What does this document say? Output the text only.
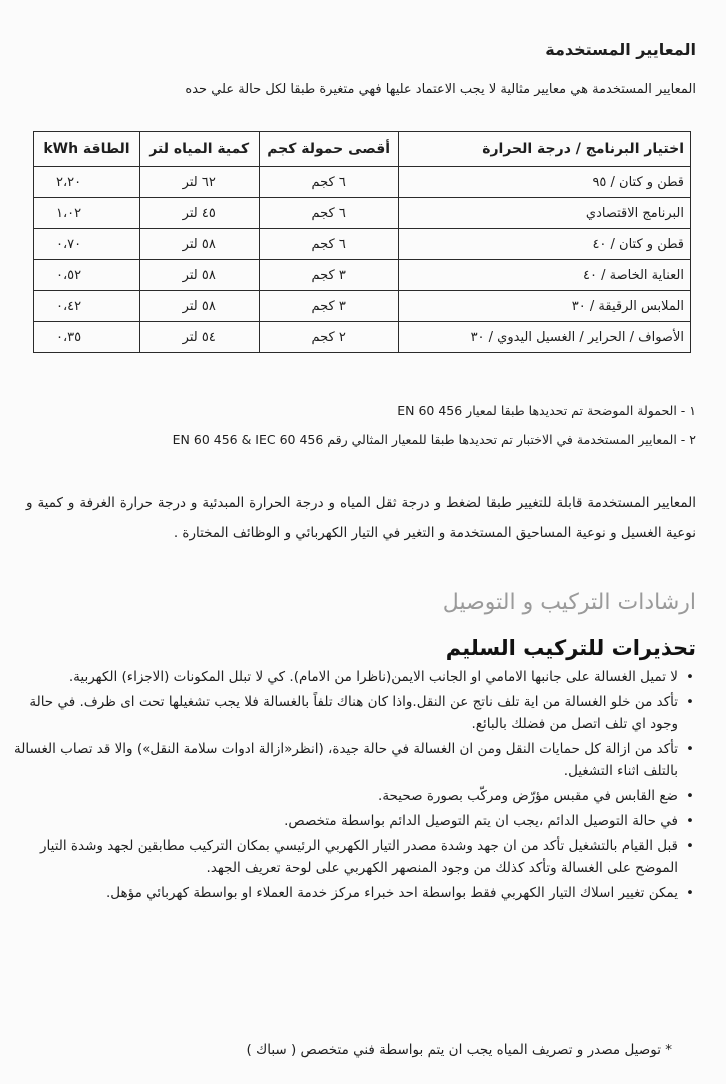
المعايير المستخدمة
المعايير المستخدمة هي معايير مثالية لا يجب الاعتماد عليها فهي متغيرة طبقا لكل حالة علي حده
اختيار البرنامج / درجة الحرارة	أقصى حمولة كجم	كمية المياه لتر	الطاقة kWh
قطن و كتان / ٩٥	٦ كجم	٦٢ لتر	٢،٢٠
البرنامج الاقتصادي	٦ كجم	٤٥ لتر	١،٠٢
قطن و كتان / ٤٠	٦ كجم	٥٨ لتر	٠،٧٠
العناية الخاصة / ٤٠	٣ كجم	٥٨ لتر	٠،٥٢
الملابس الرقيقة / ٣٠	٣ كجم	٥٨ لتر	٠،٤٢
الأصواف / الحراير / الغسيل اليدوي / ٣٠	٢ كجم	٥٤ لتر	٠،٣٥
١ - الحمولة الموضحة تم تحديدها طبقا لمعيار EN 60 456
٢ - المعايير المستخدمة في الاختبار تم تحديدها طبقا للمعيار المثالي رقم EN 60 456 & IEC 60 456
المعايير المستخدمة قابلة للتغيير طبقا لضغط و درجة ثقل المياه و درجة الحرارة المبدئية و درجة حرارة الغرفة و كمية و نوعية الغسيل و نوعية المساحيق المستخدمة و التغير في التيار الكهربائي و الوظائف المختارة .
ارشادات التركيب و التوصيل
تحذيرات للتركيب السليم
•
لا تميل الغسالة على جانبها الامامي او الجانب الايمن(ناظرا من الامام). كي لا تبلل المكونات (الاجزاء) الكهربية.
•
تأكد من خلو الغسالة من اية تلف ناتج عن النقل.واذا كان هناك تلفاً بالغسالة فلا يجب تشغيلها تحت اى ظرف. في حالة وجود اي تلف اتصل من فضلك بالبائع.
•
تأكد من ازالة كل حمايات النقل ومن ان الغسالة في حالة جيدة، (انظر«ازالة ادوات سلامة النقل») والا قد تصاب الغسالة بالتلف اثناء التشغيل.
•
ضع القابس في مقبس مؤرّض ومركّب بصورة صحيحة.
•
في حالة التوصيل الدائم ،يجب ان يتم التوصيل الدائم بواسطة متخصص.
•
قبل القيام بالتشغيل تأكد من ان جهد وشدة مصدر التيار الكهربي الرئيسي بمكان التركيب مطابقين لجهد وشدة التيار الموضح على الغسالة وتأكد كذلك من وجود المنصهر الكهربي على لوحة تعريف الجهد.
•
يمكن تغيير اسلاك التيار الكهربي فقط بواسطة احد خبراء مركز خدمة العملاء او بواسطة كهربائي مؤهل.
* توصيل مصدر و تصريف المياه يجب ان يتم بواسطة فني متخصص ( سباك )
